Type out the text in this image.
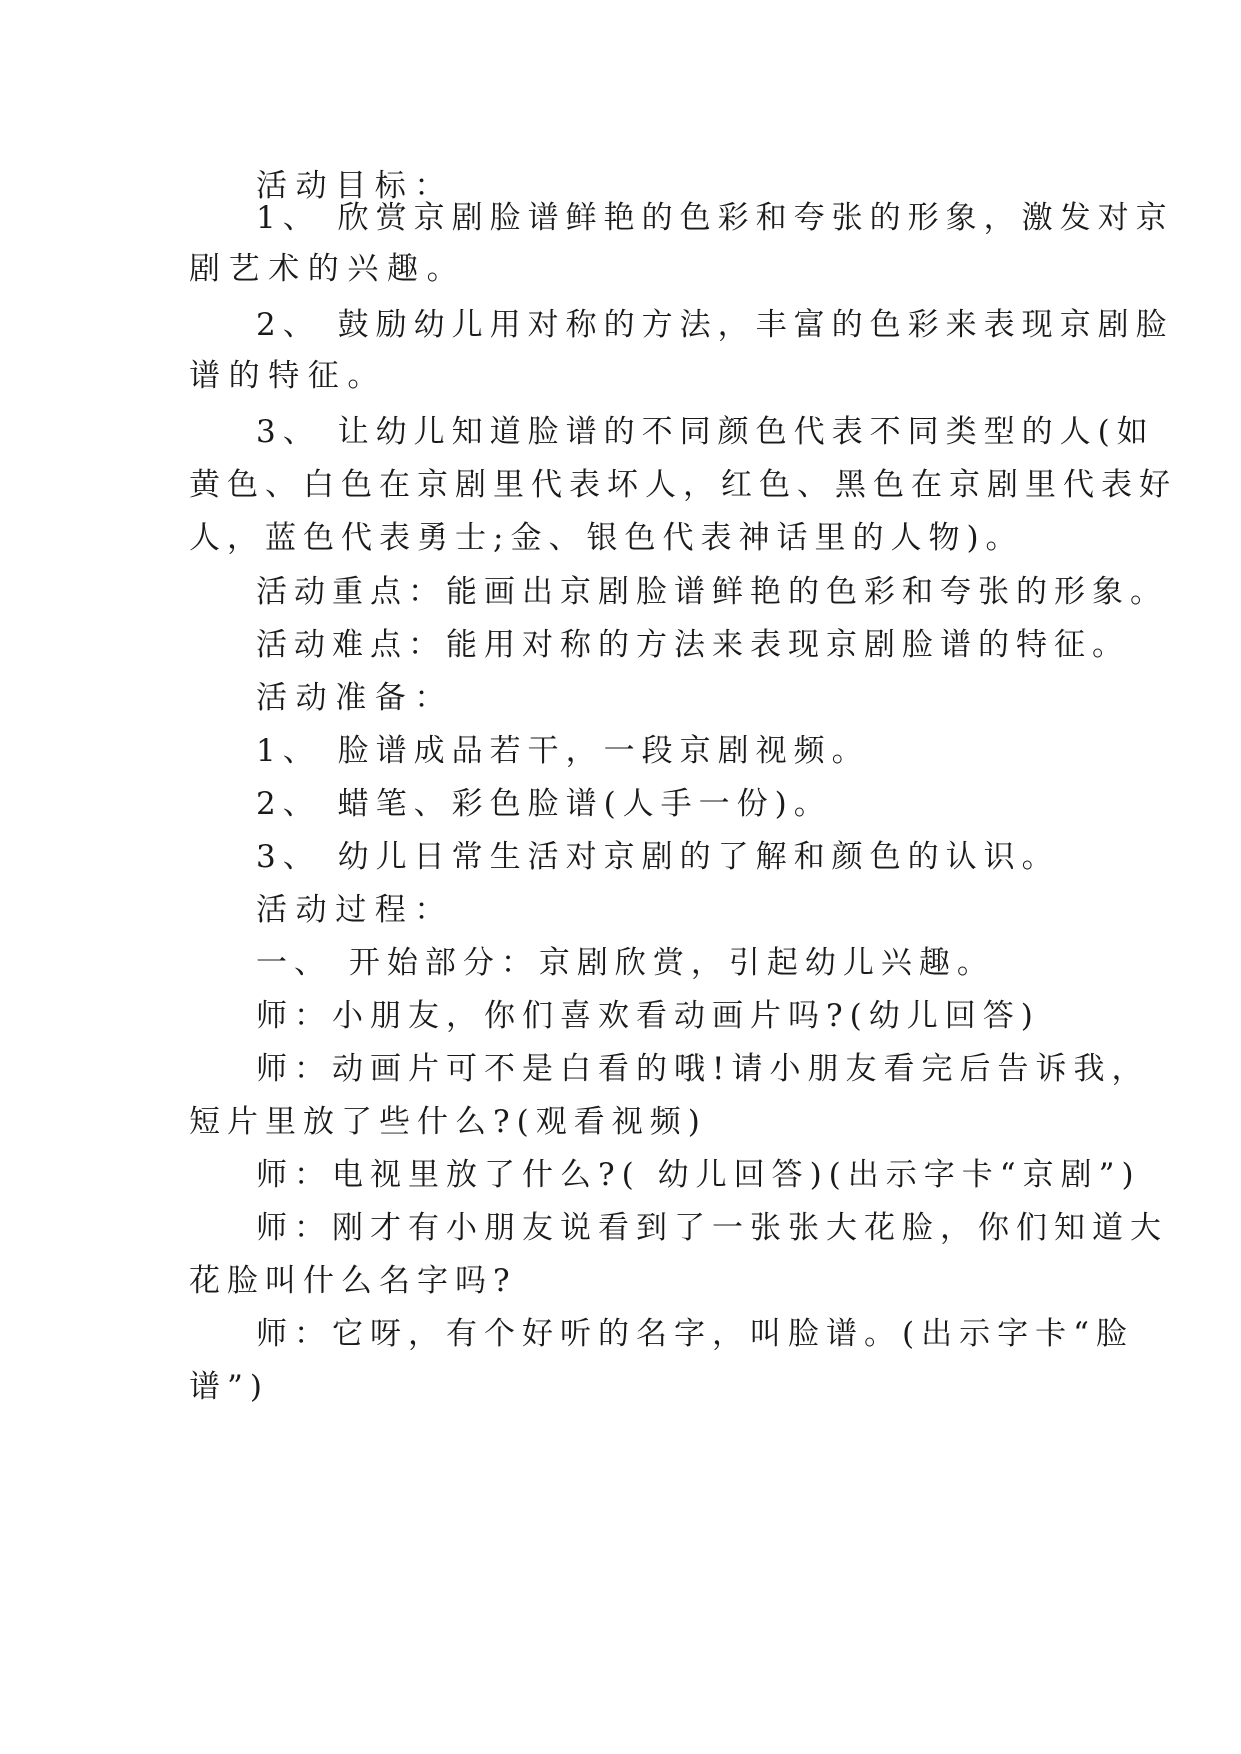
活动目标：
1、 欣赏京剧脸谱鲜艳的色彩和夸张的形象，激发对京
剧艺术的兴趣。
2、 鼓励幼儿用对称的方法，丰富的色彩来表现京剧脸
谱的特征。
3、 让幼儿知道脸谱的不同颜色代表不同类型的人(如
黄色、白色在京剧里代表坏人，红色、黑色在京剧里代表好
人，蓝色代表勇士;金、银色代表神话里的人物)。
活动重点：能画出京剧脸谱鲜艳的色彩和夸张的形象。
活动难点：能用对称的方法来表现京剧脸谱的特征。
活动准备：
1、 脸谱成品若干，一段京剧视频。
2、 蜡笔、彩色脸谱(人手一份)。
3、 幼儿日常生活对京剧的了解和颜色的认识。
活动过程：
一、 开始部分：京剧欣赏，引起幼儿兴趣。
师：小朋友，你们喜欢看动画片吗?(幼儿回答)
师：动画片可不是白看的哦!请小朋友看完后告诉我，
短片里放了些什么?(观看视频)
师：电视里放了什么?( 幼儿回答)(出示字卡“京剧”)
师：刚才有小朋友说看到了一张张大花脸，你们知道大
花脸叫什么名字吗?
师：它呀，有个好听的名字，叫脸谱。(出示字卡“脸
谱”)
